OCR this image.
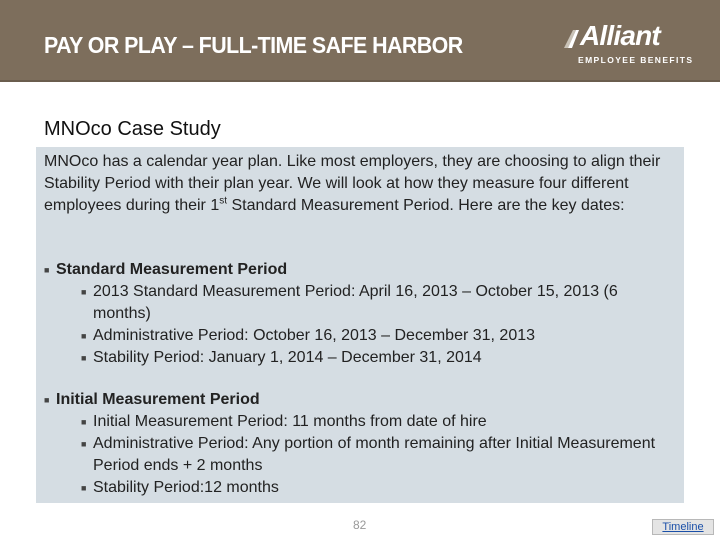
PAY OR PLAY – FULL-TIME SAFE HARBOR	Alliant
EMPLOYEE BENEFITS
MNOco Case Study
MNOco has a calendar year plan. Like most employers, they are choosing to align their Stability Period with their plan year. We will look at how they measure four different employees during their 1st Standard Measurement Period. Here are the key dates:
■ Standard Measurement Period
■ 2013 Standard Measurement Period: April 16, 2013 – October 15, 2013 (6 months)
■ Administrative Period: October 16, 2013 – December 31, 2013
■ Stability Period: January 1, 2014 – December 31, 2014
■ Initial Measurement Period
■ Initial Measurement Period: 11 months from date of hire
■ Administrative Period: Any portion of month remaining after Initial Measurement Period ends + 2 months
■ Stability Period:12 months
82	Timeline
